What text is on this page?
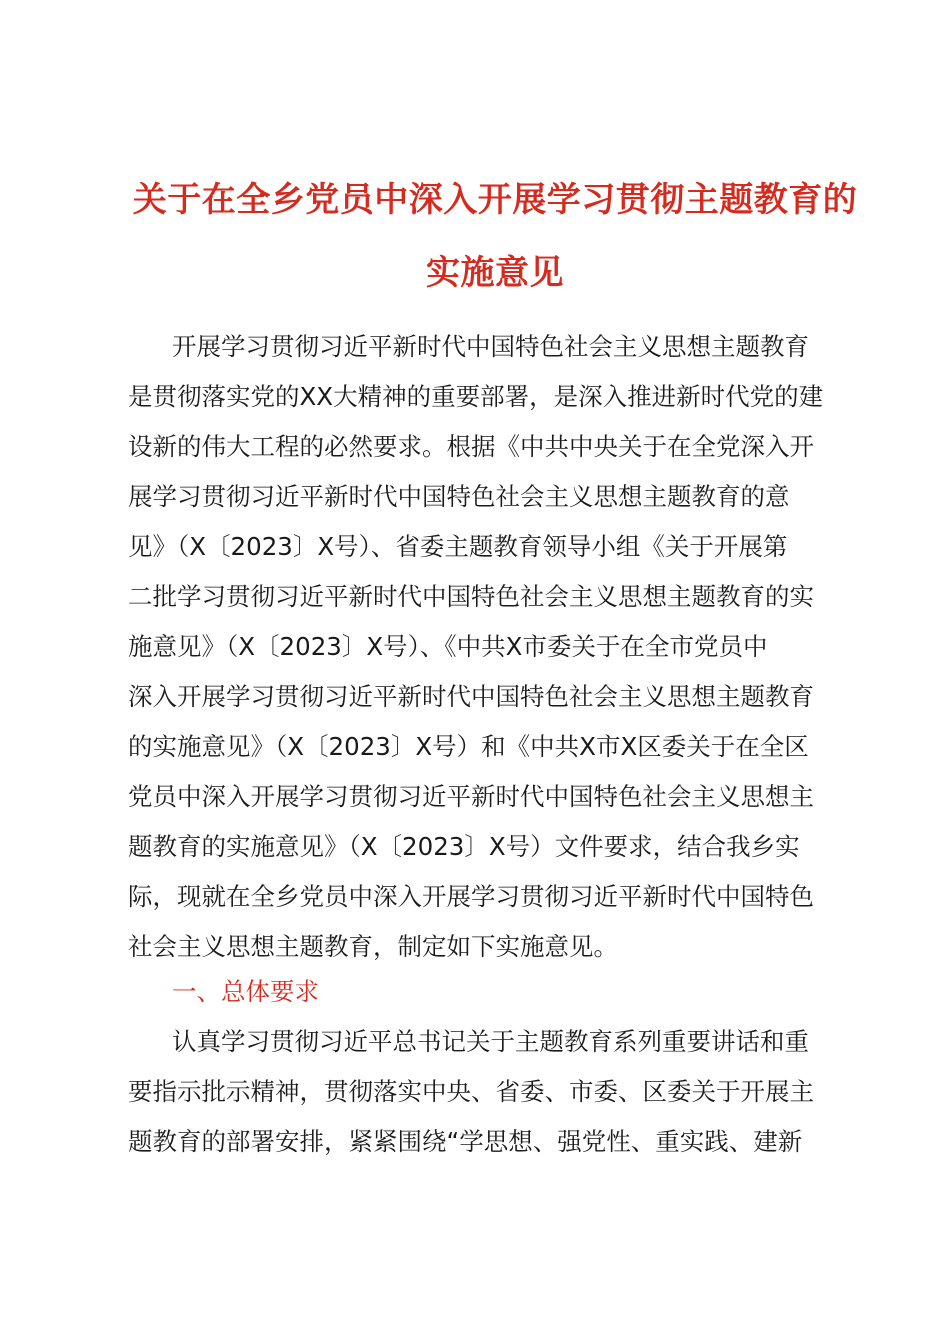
关于在全乡党员中深入开展学习贯彻主题教育的
实施意见
开展学习贯彻习近平新时代中国特色社会主义思想主题教育
是贯彻落实党的XX大精神的重要部署，是深入推进新时代党的建
设新的伟大工程的必然要求。根据《中共中央关于在全党深入开
展学习贯彻习近平新时代中国特色社会主义思想主题教育的意
见》（X〔2023〕X号）、省委主题教育领导小组《关于开展第
二批学习贯彻习近平新时代中国特色社会主义思想主题教育的实
施意见》（X〔2023〕X号）、《中共X市委关于在全市党员中
深入开展学习贯彻习近平新时代中国特色社会主义思想主题教育
的实施意见》（X〔2023〕X号）和《中共X市X区委关于在全区
党员中深入开展学习贯彻习近平新时代中国特色社会主义思想主
题教育的实施意见》（X〔2023〕X号）文件要求，结合我乡实
际，现就在全乡党员中深入开展学习贯彻习近平新时代中国特色
社会主义思想主题教育，制定如下实施意见。
一、总体要求
认真学习贯彻习近平总书记关于主题教育系列重要讲话和重
要指示批示精神，贯彻落实中央、省委、市委、区委关于开展主
题教育的部署安排，紧紧围绕“学思想、强党性、重实践、建新
